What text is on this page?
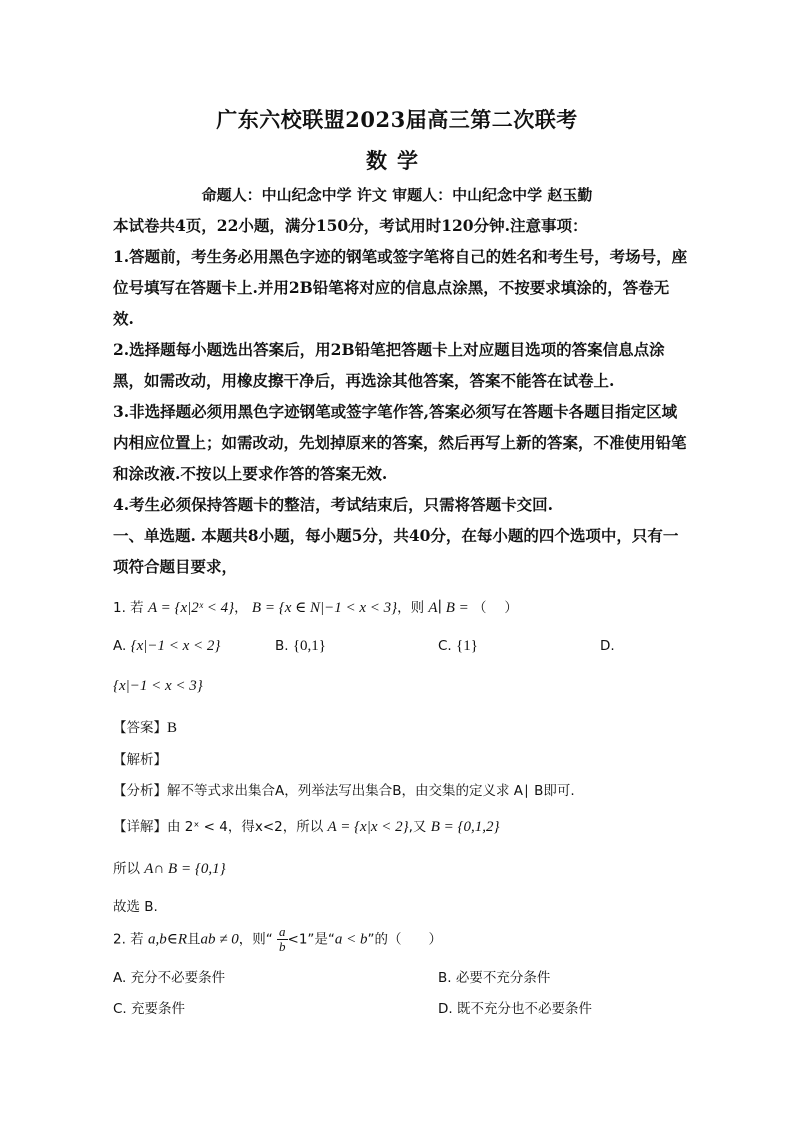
广东六校联盟2023届高三第二次联考
数学
命题人：中山纪念中学 许文 审题人：中山纪念中学 赵玉勤
本试卷共4页，22小题，满分150分，考试用时120分钟.注意事项：
1.答题前，考生务必用黑色字迹的钢笔或签字笔将自己的姓名和考生号，考场号，座位号填写在答题卡上.并用2B铅笔将对应的信息点涂黑，不按要求填涂的，答卷无效.
2.选择题每小题选出答案后，用2B铅笔把答题卡上对应题目选项的答案信息点涂黑，如需改动，用橡皮擦干净后，再选涂其他答案，答案不能答在试卷上.
3.非选择题必须用黑色字迹钢笔或签字笔作答,答案必须写在答题卡各题目指定区域内相应位置上；如需改动，先划掉原来的答案，然后再写上新的答案，不准使用铅笔和涂改液.不按以上要求作答的答案无效.
4.考生必须保持答题卡的整洁，考试结束后，只需将答题卡交回.
一、单选题. 本题共8小题，每小题5分，共40分，在每小题的四个选项中，只有一项符合题目要求，
1. 若 A = {x|2ˣ < 4}， B = {x ∈ N|−1 < x < 3}，则 A∣ B = （　 ）
A. {x|−1 < x < 2}	B. {0,1}	C. {1}	D.
{x|−1 < x < 3}
【答案】B
【解析】
【分析】解不等式求出集合A，列举法写出集合B，由交集的定义求 A∣ B即可.
【详解】由 2ˣ < 4，得x<2，所以 A = {x|x < 2},又 B = {0,1,2}
所以 A∩ B = {0,1}
故选 B.
2. 若 a,b∈R且ab ≠ 0，则“ $\frac{a}{b} <1$”是“a < b”的（　　）
A. 充分不必要条件	B. 必要不充分条件
C. 充要条件	D. 既不充分也不必要条件
